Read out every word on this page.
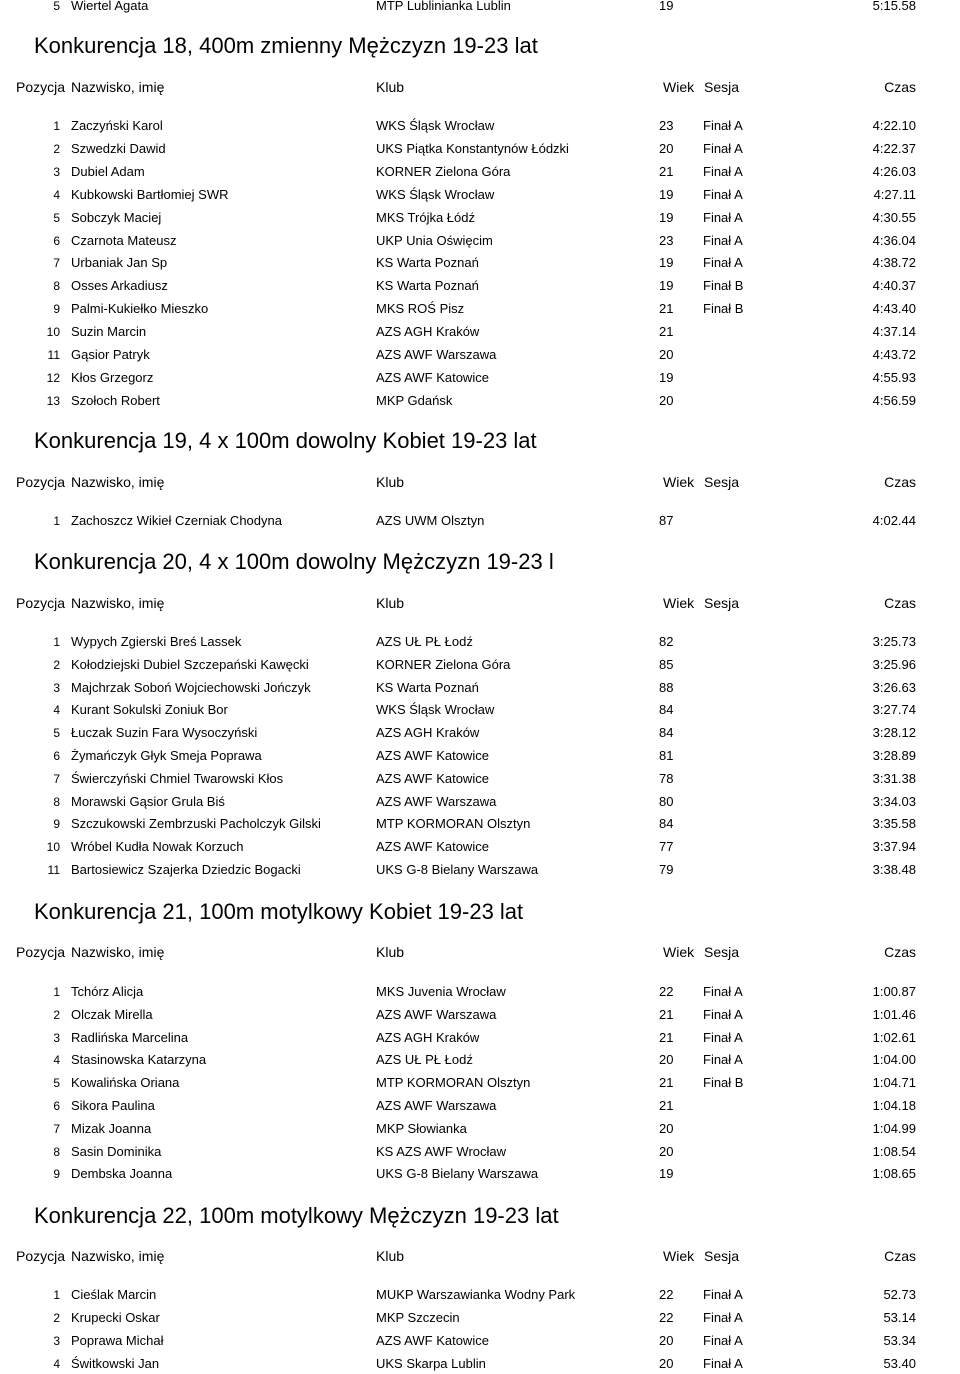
5 Wiertel Agata	MTP Lublinianka Lublin	19	5:15.58
Konkurencja 18, 400m zmienny Mężczyzn 19-23 lat
Pozycja Nazwisko, imię	Klub	Wiek Sesja	Czas
1 Zaczyński Karol	WKS Śląsk Wrocław	23 Finał A	4:22.10
2 Szwedzki Dawid	UKS Piątka Konstantynów Łódzki	20 Finał A	4:22.37
3 Dubiel Adam	KORNER Zielona Góra	21 Finał A	4:26.03
4 Kubkowski Bartłomiej SWR	WKS Śląsk Wrocław	19 Finał A	4:27.11
5 Sobczyk Maciej	MKS Trójka Łódź	19 Finał A	4:30.55
6 Czarnota Mateusz	UKP Unia Oświęcim	23 Finał A	4:36.04
7 Urbaniak Jan Sp	KS Warta Poznań	19 Finał A	4:38.72
8 Osses Arkadiusz	KS Warta Poznań	19 Finał B	4:40.37
9 Palmi-Kukiełko Mieszko	MKS ROŚ Pisz	21 Finał B	4:43.40
10 Suzin Marcin	AZS AGH Kraków	21	4:37.14
11 Gąsior Patryk	AZS AWF Warszawa	20	4:43.72
12 Kłos Grzegorz	AZS AWF Katowice	19	4:55.93
13 Szołoch Robert	MKP Gdańsk	20	4:56.59
Konkurencja 19, 4 x 100m dowolny Kobiet 19-23 lat
Pozycja Nazwisko, imię	Klub	Wiek Sesja	Czas
1 Zachoszcz Wikieł Czerniak Chodyna	AZS UWM Olsztyn	87	4:02.44
Konkurencja 20, 4 x 100m dowolny Mężczyzn 19-23 l
Pozycja Nazwisko, imię	Klub	Wiek Sesja	Czas
1 Wypych Zgierski Breś Lassek	AZS UŁ PŁ Łodź	82	3:25.73
2 Kołodziejski Dubiel Szczepański Kawęcki	KORNER Zielona Góra	85	3:25.96
3 Majchrzak Soboń Wojciechowski Jończyk	KS Warta Poznań	88	3:26.63
4 Kurant Sokulski Zoniuk Bor	WKS Śląsk Wrocław	84	3:27.74
5 Łuczak Suzin Fara Wysoczyński	AZS AGH Kraków	84	3:28.12
6 Żymańczyk Głyk Smeja Poprawa	AZS AWF Katowice	81	3:28.89
7 Świerczyński Chmiel Twarowski Kłos	AZS AWF Katowice	78	3:31.38
8 Morawski Gąsior Grula Biś	AZS AWF Warszawa	80	3:34.03
9 Szczukowski Zembrzuski Pacholczyk Gilski	MTP KORMORAN Olsztyn	84	3:35.58
10 Wróbel Kudła Nowak Korzuch	AZS AWF Katowice	77	3:37.94
11 Bartosiewicz Szajerka Dziedzic Bogacki	UKS G-8 Bielany Warszawa	79	3:38.48
Konkurencja 21, 100m motylkowy Kobiet 19-23 lat
Pozycja Nazwisko, imię	Klub	Wiek Sesja	Czas
1 Tchórz Alicja	MKS Juvenia Wrocław	22 Finał A	1:00.87
2 Olczak Mirella	AZS AWF Warszawa	21 Finał A	1:01.46
3 Radlińska Marcelina	AZS AGH Kraków	21 Finał A	1:02.61
4 Stasinowska Katarzyna	AZS UŁ PŁ Łodź	20 Finał A	1:04.00
5 Kowalińska Oriana	MTP KORMORAN Olsztyn	21 Finał B	1:04.71
6 Sikora Paulina	AZS AWF Warszawa	21	1:04.18
7 Mizak Joanna	MKP Słowianka	20	1:04.99
8 Sasin Dominika	KS AZS AWF Wrocław	20	1:08.54
9 Dembska Joanna	UKS G-8 Bielany Warszawa	19	1:08.65
Konkurencja 22, 100m motylkowy Mężczyzn 19-23 lat
Pozycja Nazwisko, imię	Klub	Wiek Sesja	Czas
1 Cieślak Marcin	MUKP Warszawianka Wodny Park	22 Finał A	52.73
2 Krupecki Oskar	MKP Szczecin	22 Finał A	53.14
3 Poprawa Michał	AZS AWF Katowice	20 Finał A	53.34
4 Świtkowski Jan	UKS Skarpa Lublin	20 Finał A	53.40
